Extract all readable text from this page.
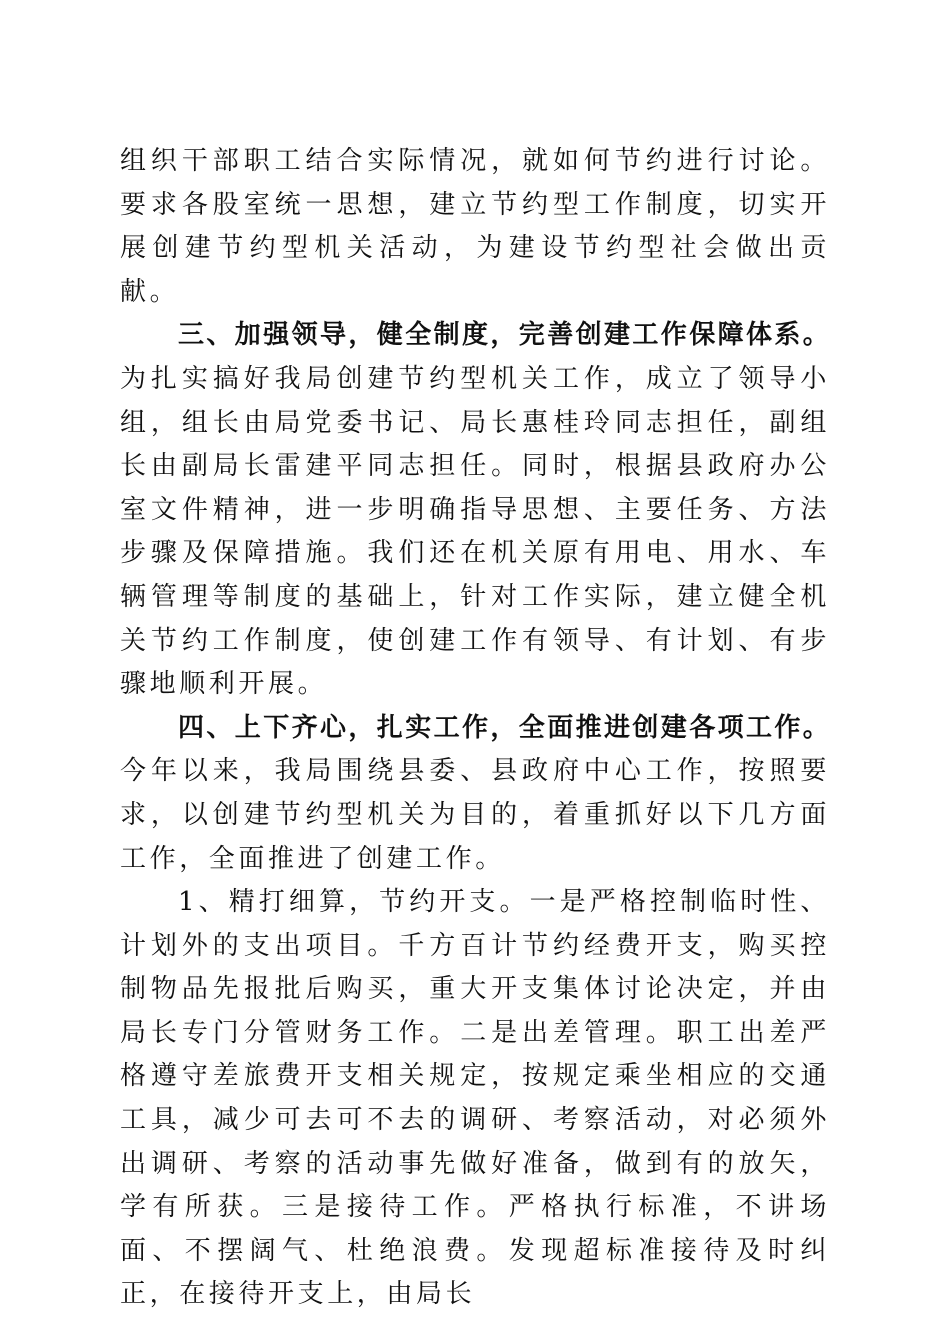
组织干部职工结合实际情况，就如何节约进行讨论。要求各股室统一思想，建立节约型工作制度，切实开展创建节约型机关活动，为建设节约型社会做出贡献。

三、加强领导，健全制度，完善创建工作保障体系。为扎实搞好我局创建节约型机关工作，成立了领导小组，组长由局党委书记、局长惠桂玲同志担任，副组长由副局长雷建平同志担任。同时，根据县政府办公室文件精神，进一步明确指导思想、主要任务、方法步骤及保障措施。我们还在机关原有用电、用水、车辆管理等制度的基础上，针对工作实际，建立健全机关节约工作制度，使创建工作有领导、有计划、有步骤地顺利开展。

四、上下齐心，扎实工作，全面推进创建各项工作。今年以来，我局围绕县委、县政府中心工作，按照要求，以创建节约型机关为目的，着重抓好以下几方面工作，全面推进了创建工作。

1、精打细算，节约开支。一是严格控制临时性、计划外的支出项目。千方百计节约经费开支，购买控制物品先报批后购买，重大开支集体讨论决定，并由局长专门分管财务工作。二是出差管理。职工出差严格遵守差旅费开支相关规定，按规定乘坐相应的交通工具，减少可去可不去的调研、考察活动，对必须外出调研、考察的活动事先做好准备，做到有的放矢，学有所获。三是接待工作。严格执行标准，不讲场面、不摆阔气、杜绝浪费。发现超标准接待及时纠正，在接待开支上，由局长
